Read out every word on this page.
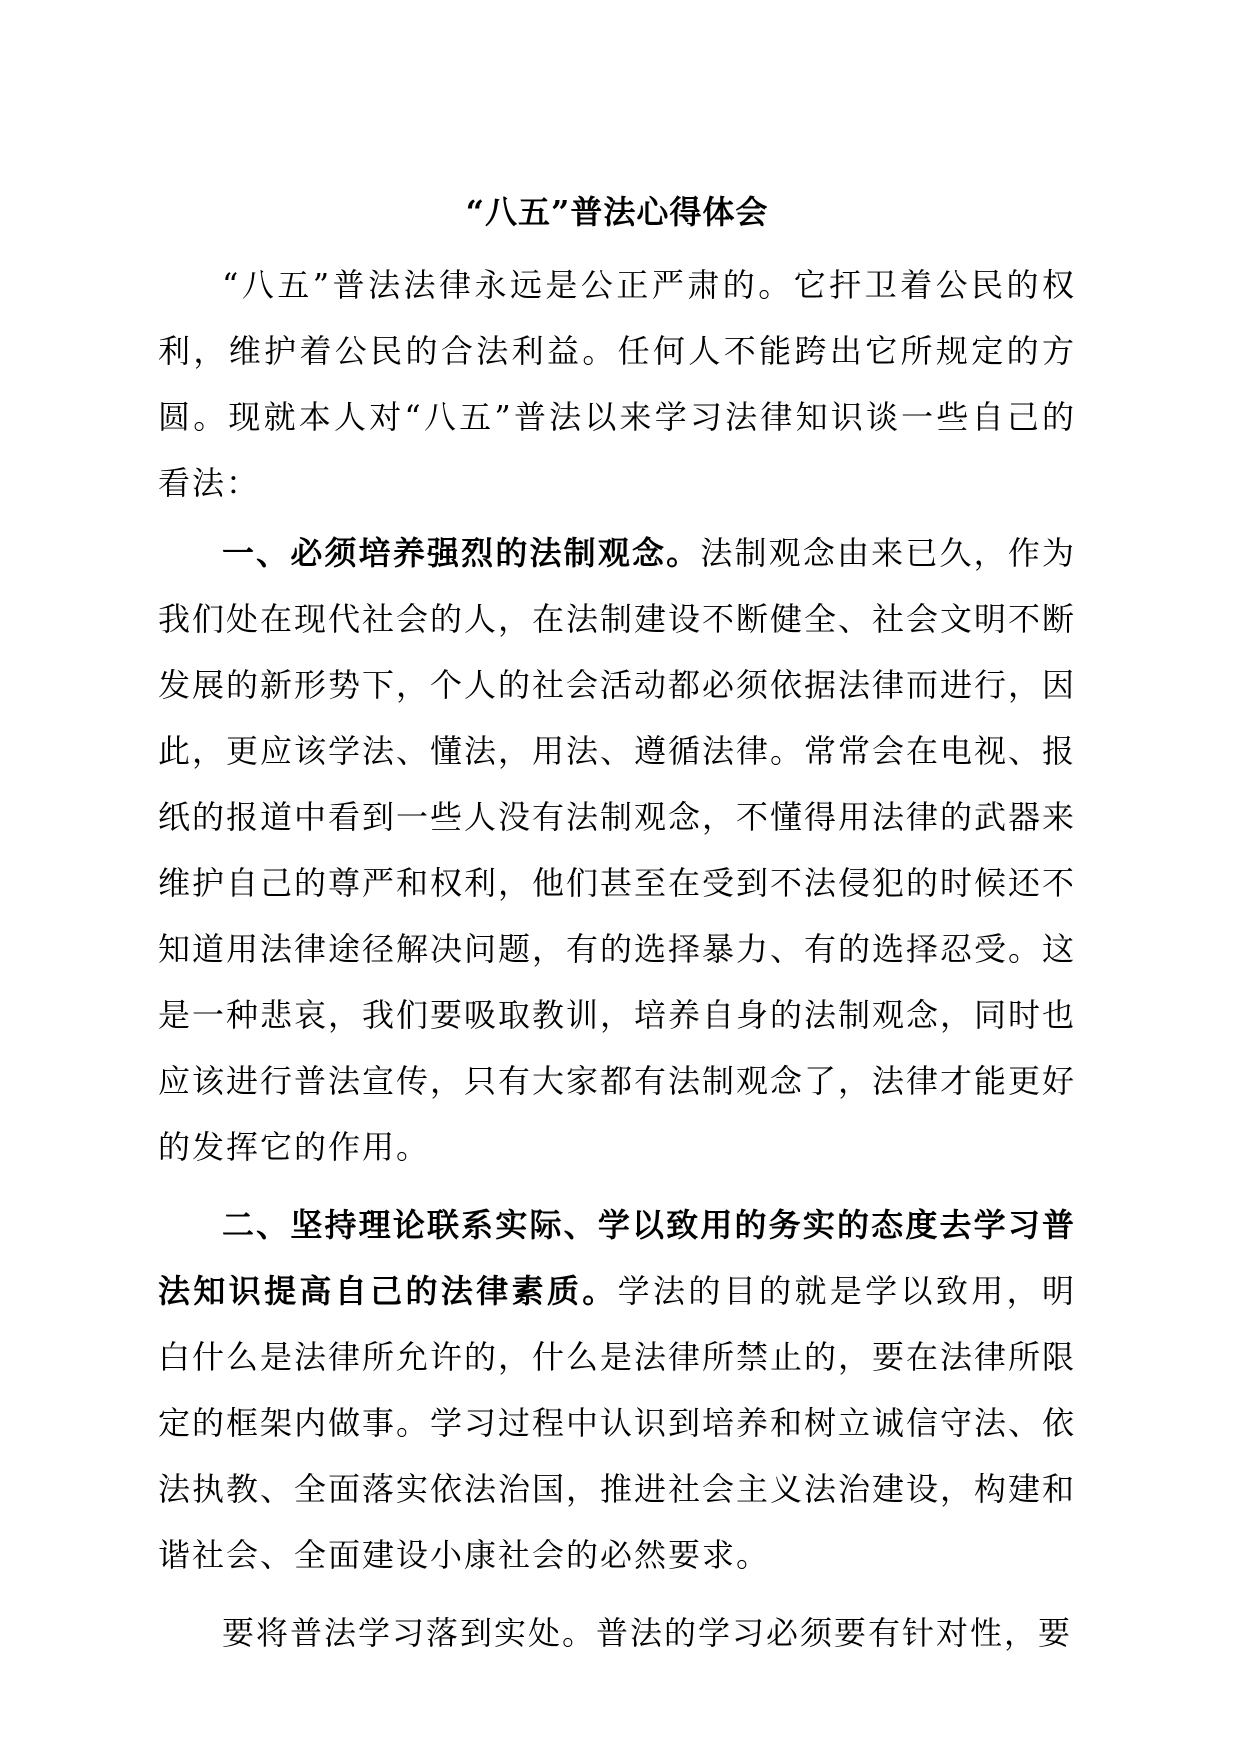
“八五”普法心得体会

“八五”普法法律永远是公正严肃的。它扞卫着公民的权利，维护着公民的合法利益。任何人不能跨出它所规定的方圆。现就本人对“八五”普法以来学习法律知识谈一些自己的看法：

一、必须培养强烈的法制观念。法制观念由来已久，作为我们处在现代社会的人，在法制建设不断健全、社会文明不断发展的新形势下，个人的社会活动都必须依据法律而进行，因此，更应该学法、懂法，用法、遵循法律。常常会在电视、报纸的报道中看到一些人没有法制观念，不懂得用法律的武器来维护自己的尊严和权利，他们甚至在受到不法侵犯的时候还不知道用法律途径解决问题，有的选择暴力、有的选择忍受。这是一种悲哀，我们要吸取教训，培养自身的法制观念，同时也应该进行普法宣传，只有大家都有法制观念了，法律才能更好的发挥它的作用。

二、坚持理论联系实际、学以致用的务实的态度去学习普法知识提高自己的法律素质。学法的目的就是学以致用，明白什么是法律所允许的，什么是法律所禁止的，要在法律所限定的框架内做事。学习过程中认识到培养和树立诚信守法、依法执教、全面落实依法治国，推进社会主义法治建设，构建和谐社会、全面建设小康社会的必然要求。

要将普法学习落到实处。普法的学习必须要有针对性，要
